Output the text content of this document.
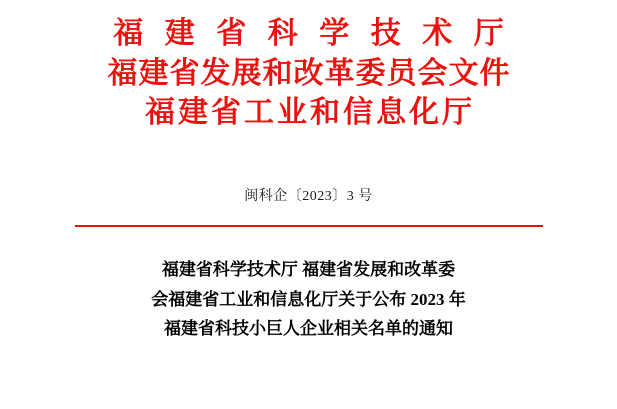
福 建 省 科 学 技 术 厅
福建省发展和改革委员会文件
福建省工业和信息化厅
闽科企〔2023〕3 号
福建省科学技术厅 福建省发展和改革委
会福建省工业和信息化厅关于公布 2023 年
福建省科技小巨人企业相关名单的通知
